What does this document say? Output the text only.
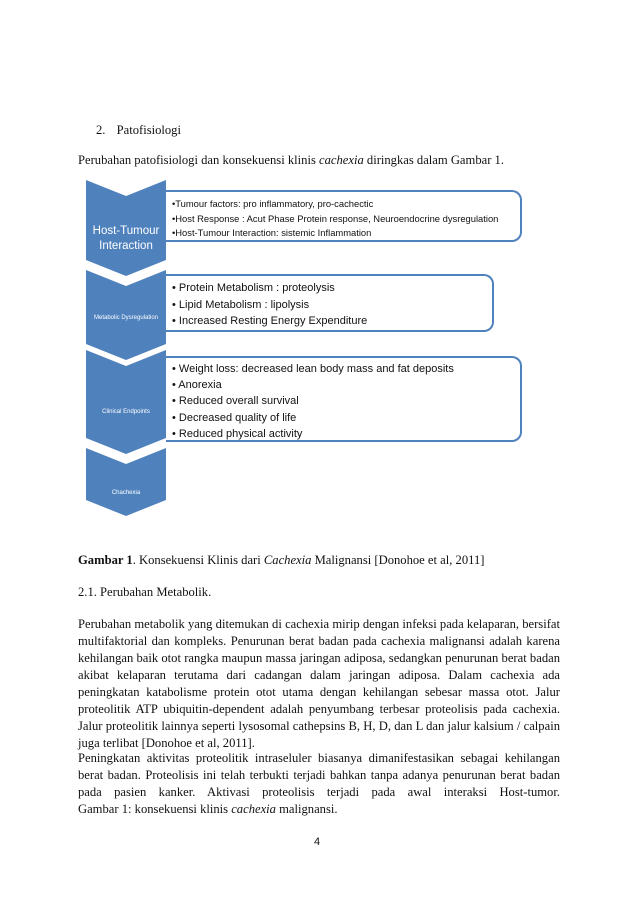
2. Patofisiologi
Perubahan patofisiologi dan konsekuensi klinis cachexia diringkas dalam Gambar 1.
Host-Tumour Interaction
•Tumour factors: pro inflammatory, pro-cachectic
•Host Response : Acut Phase Protein response, Neuroendocrine dysregulation
•Host-Tumour Interaction: sistemic Inflammation
Metabolic Dysregulation
• Protein Metabolism : proteolysis
• Lipid Metabolism : lipolysis
• Increased Resting Energy Expenditure
Clinical Endpoints
• Weight loss: decreased lean body mass and fat deposits
• Anorexia
• Reduced overall survival
• Decreased quality of life
• Reduced physical activity
Chachexia
Gambar 1. Konsekuensi Klinis dari Cachexia Malignansi [Donohoe et al, 2011]
2.1. Perubahan Metabolik.

Perubahan metabolik yang ditemukan di cachexia mirip dengan infeksi pada kelaparan, bersifat multifaktorial dan kompleks. Penurunan berat badan pada cachexia malignansi adalah karena kehilangan baik otot rangka maupun massa jaringan adiposa, sedangkan penurunan berat badan akibat kelaparan terutama dari cadangan dalam jaringan adiposa. Dalam cachexia ada peningkatan katabolisme protein otot utama dengan kehilangan sebesar massa otot. Jalur proteolitik ATP ubiquitin-dependent adalah penyumbang terbesar proteolisis pada cachexia. Jalur proteolitik lainnya seperti lysosomal cathepsins B, H, D, dan L dan jalur kalsium / calpain juga terlibat [Donohoe et al, 2011].

Peningkatan aktivitas proteolitik intraseluler biasanya dimanifestasikan sebagai kehilangan berat badan. Proteolisis ini telah terbukti terjadi bahkan tanpa adanya penurunan berat badan pada pasien kanker. Aktivasi proteolisis terjadi pada awal interaksi Host-tumor.

Gambar 1: konsekuensi klinis cachexia malignansi.

4
